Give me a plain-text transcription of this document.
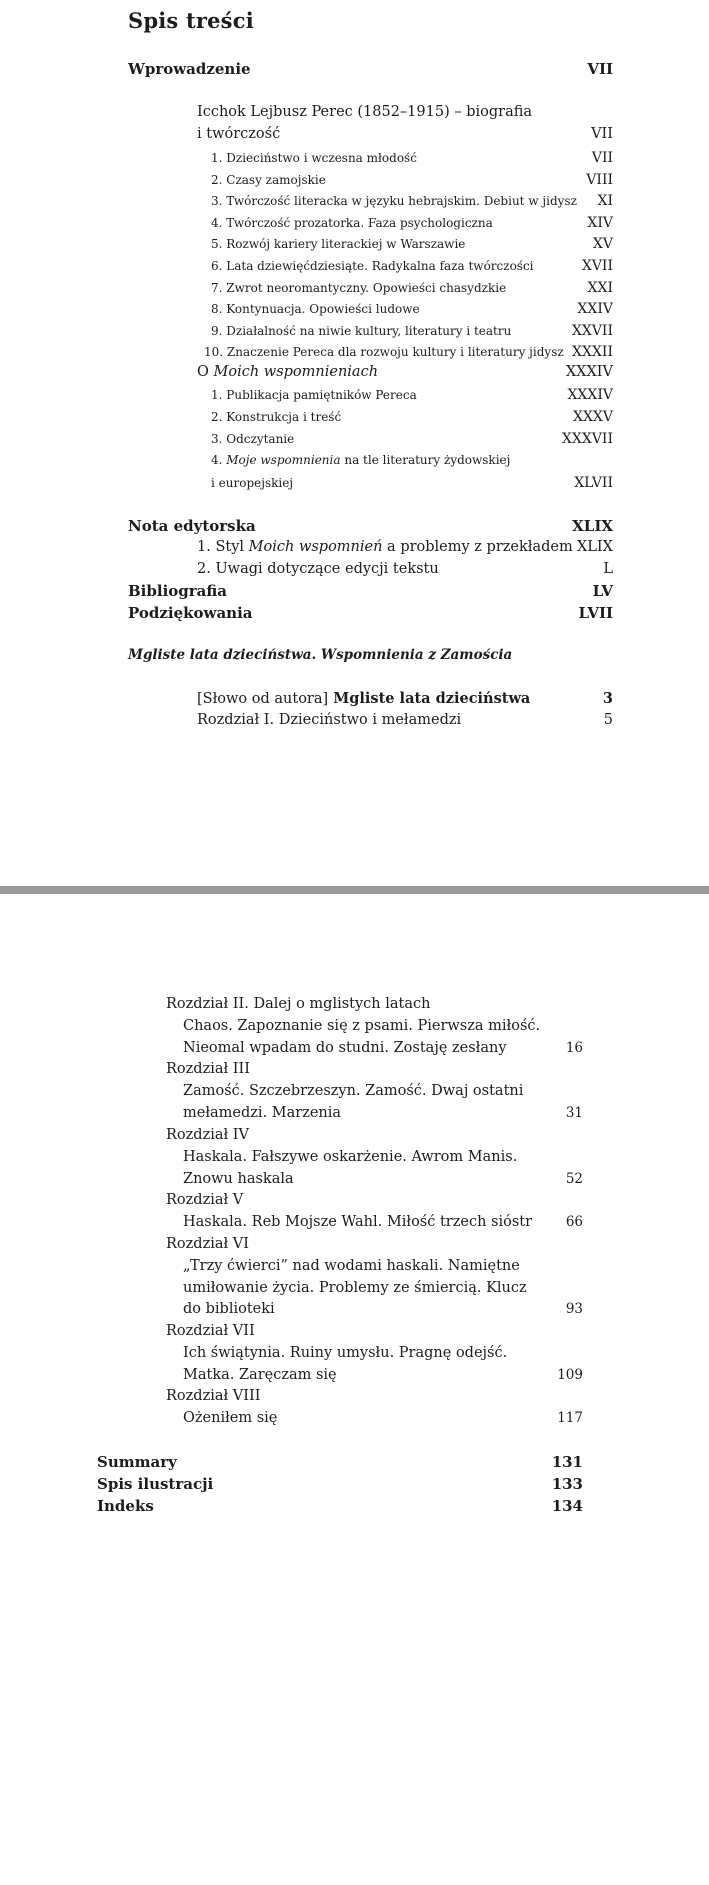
Spis treści
Wprowadzenie	VII
Icchok Lejbusz Perec (1852–1915) – biografia
i twórczość	VII
1. Dzieciństwo i wczesna młodość	VII
2. Czasy zamojskie	VIII
3. Twórczość literacka w języku hebrajskim. Debiut w jidysz	XI
4. Twórczość prozatorka. Faza psychologiczna	XIV
5. Rozwój kariery literackiej w Warszawie	XV
6. Lata dziewięćdziesiąte. Radykalna faza twórczości	XVII
7. Zwrot neoromantyczny. Opowieści chasydzkie	XXI
8. Kontynuacja. Opowieści ludowe	XXIV
9. Działalność na niwie kultury, literatury i teatru	XXVII
10. Znaczenie Pereca dla rozwoju kultury i literatury jidysz XXXII
O Moich wspomnieniach	XXXIV
1. Publikacja pamiętników Pereca	XXXIV
2. Konstrukcja i treść	XXXV
3. Odczytanie	XXXVII
4. Moje wspomnienia na tle literatury żydowskiej
i europejskiej	XLVII
Nota edytorska	XLIX
1. Styl Moich wspomnień a problemy z przekładem XLIX
2. Uwagi dotyczące edycji tekstu	L
Bibliografia	LV
Podziękowania	LVII
Mgliste lata dzieciństwa. Wspomnienia z Zamościa
[Słowo od autora] Mgliste lata dzieciństwa	3
Rozdział I. Dzieciństwo i mełamedzi	5
Rozdział II. Dalej o mglistych latach
Chaos. Zapoznanie się z psami. Pierwsza miłość.
Nieomal wpadam do studni. Zostaję zesłany	16
Rozdział III
Zamość. Szczebrzeszyn. Zamość. Dwaj ostatni
mełamedzi. Marzenia	31
Rozdział IV
Haskala. Fałszywe oskarżenie. Awrom Manis.
Znowu haskala	52
Rozdział V
Haskala. Reb Mojsze Wahl. Miłość trzech sióstr	66
Rozdział VI
„Trzy ćwierci” nad wodami haskali. Namiętne
umiłowanie życia. Problemy ze śmiercią. Klucz
do biblioteki	93
Rozdział VII
Ich świątynia. Ruiny umysłu. Pragnę odejść.
Matka. Zaręczam się	109
Rozdział VIII
Ożeniłem się	117
Summary	131
Spis ilustracji	133
Indeks	134
